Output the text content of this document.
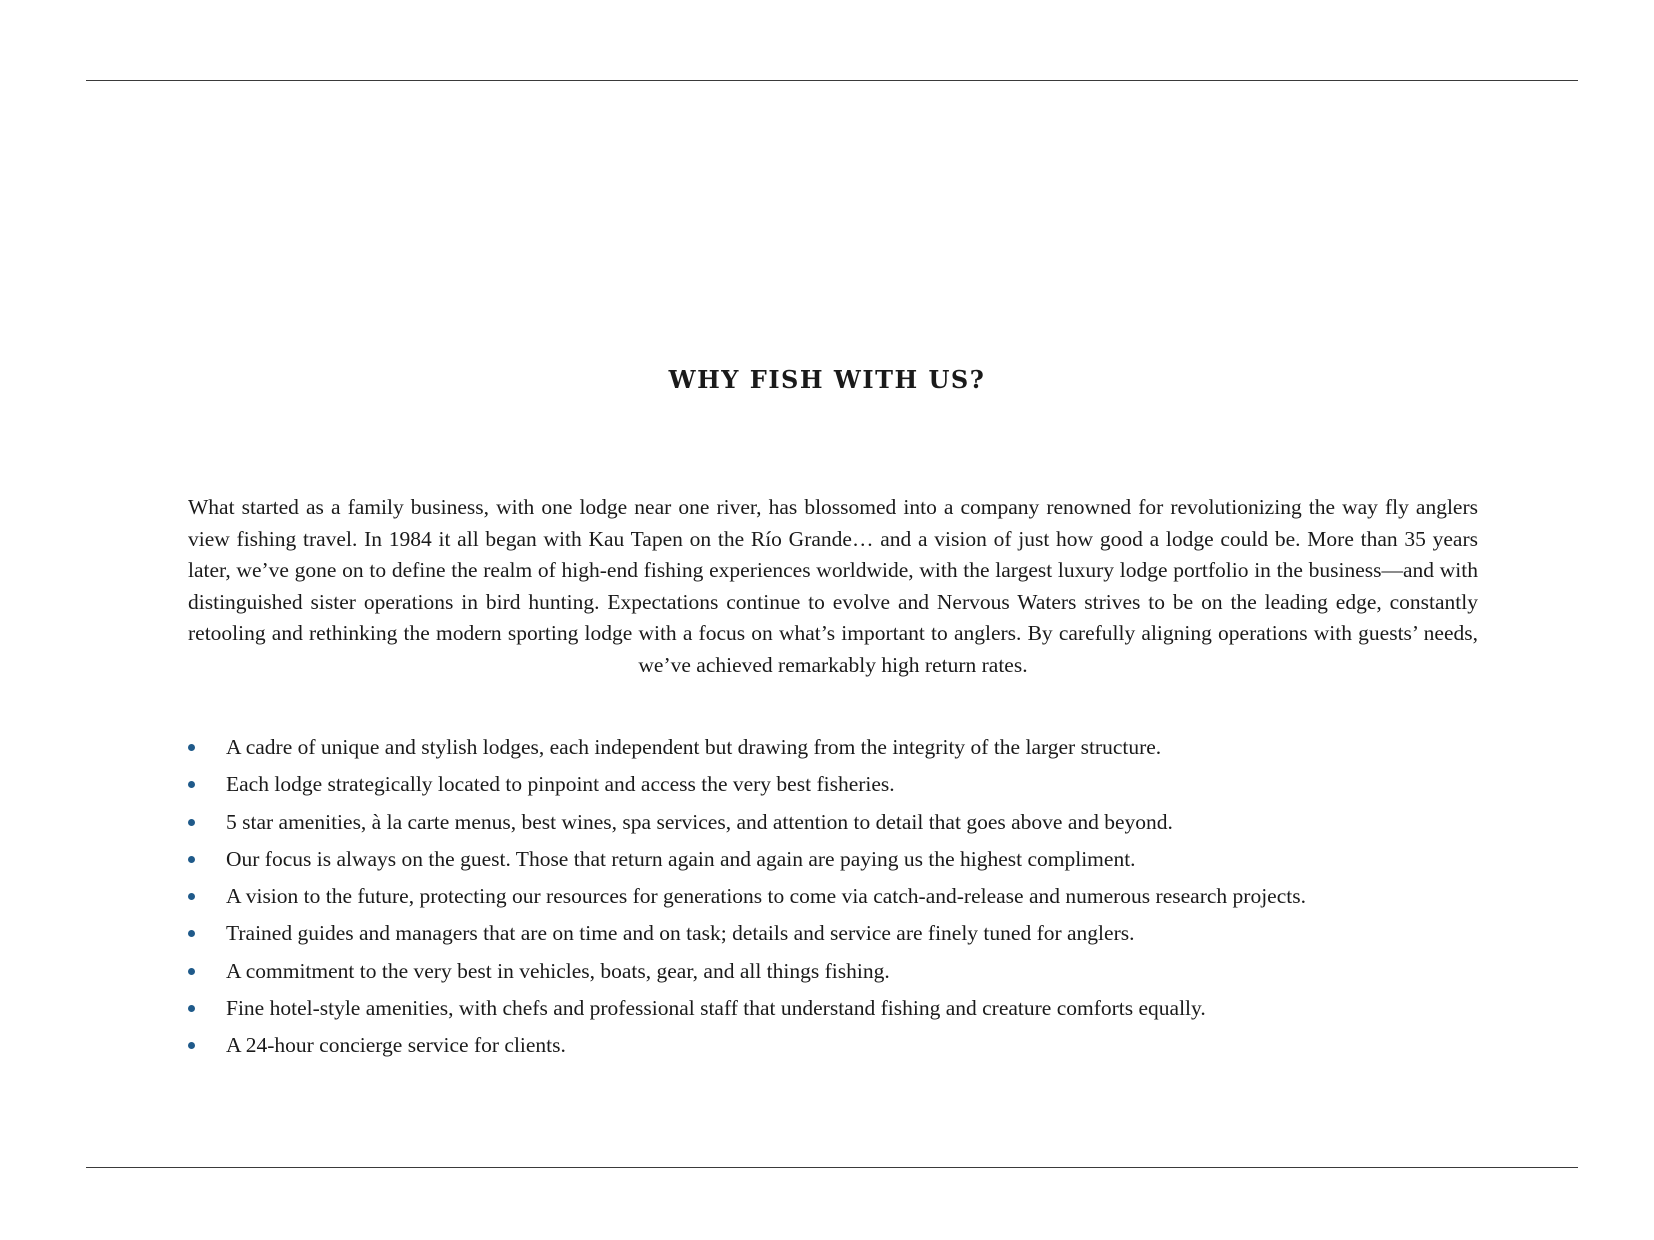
WHY FISH WITH US?

What started as a family business, with one lodge near one river, has blossomed into a company renowned for revolutionizing the way fly anglers view fishing travel. In 1984 it all began with Kau Tapen on the Río Grande… and a vision of just how good a lodge could be. More than 35 years later, we’ve gone on to define the realm of high-end fishing experiences worldwide, with the largest luxury lodge portfolio in the business—and with distinguished sister operations in bird hunting. Expectations continue to evolve and Nervous Waters strives to be on the leading edge, constantly retooling and rethinking the modern sporting lodge with a focus on what’s important to anglers. By carefully aligning operations with guests’ needs, we’ve achieved remarkably high return rates.

A cadre of unique and stylish lodges, each independent but drawing from the integrity of the larger structure.
Each lodge strategically located to pinpoint and access the very best fisheries.
5 star amenities, à la carte menus, best wines, spa services, and attention to detail that goes above and beyond.
Our focus is always on the guest. Those that return again and again are paying us the highest compliment.
A vision to the future, protecting our resources for generations to come via catch-and-release and numerous research projects.
Trained guides and managers that are on time and on task; details and service are finely tuned for anglers.
A commitment to the very best in vehicles, boats, gear, and all things fishing.
Fine hotel-style amenities, with chefs and professional staff that understand fishing and creature comforts equally.
A 24-hour concierge service for clients.
